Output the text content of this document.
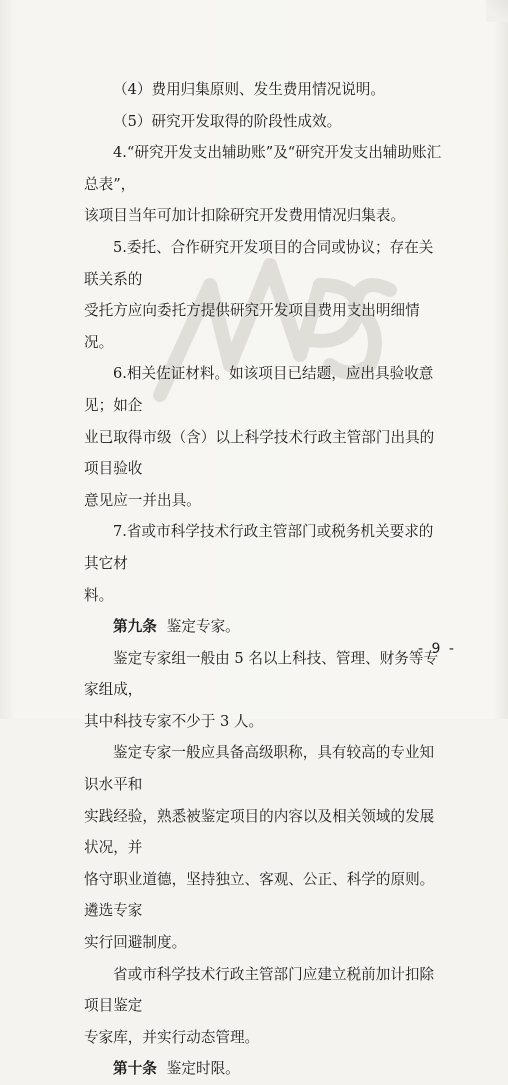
（4）费用归集原则、发生费用情况说明。

（5）研究开发取得的阶段性成效。

4.“研究开发支出辅助账”及“研究开发支出辅助账汇总表”，

该项目当年可加计扣除研究开发费用情况归集表。

5.委托、合作研究开发项目的合同或协议；存在关联关系的

受托方应向委托方提供研究开发项目费用支出明细情况。

6.相关佐证材料。如该项目已结题，应出具验收意见；如企

业已取得市级（含）以上科学技术行政主管部门出具的项目验收

意见应一并出具。

7.省或市科学技术行政主管部门或税务机关要求的其它材

料。

第九条 鉴定专家。

鉴定专家组一般由 5 名以上科技、管理、财务等专家组成，

其中科技专家不少于 3 人。

鉴定专家一般应具备高级职称，具有较高的专业知识水平和

实践经验，熟悉被鉴定项目的内容以及相关领域的发展状况，并

恪守职业道德，坚持独立、客观、公正、科学的原则。遴选专家

实行回避制度。

省或市科学技术行政主管部门应建立税前加计扣除项目鉴定

专家库，并实行动态管理。

第十条 鉴定时限。

- 9 -
